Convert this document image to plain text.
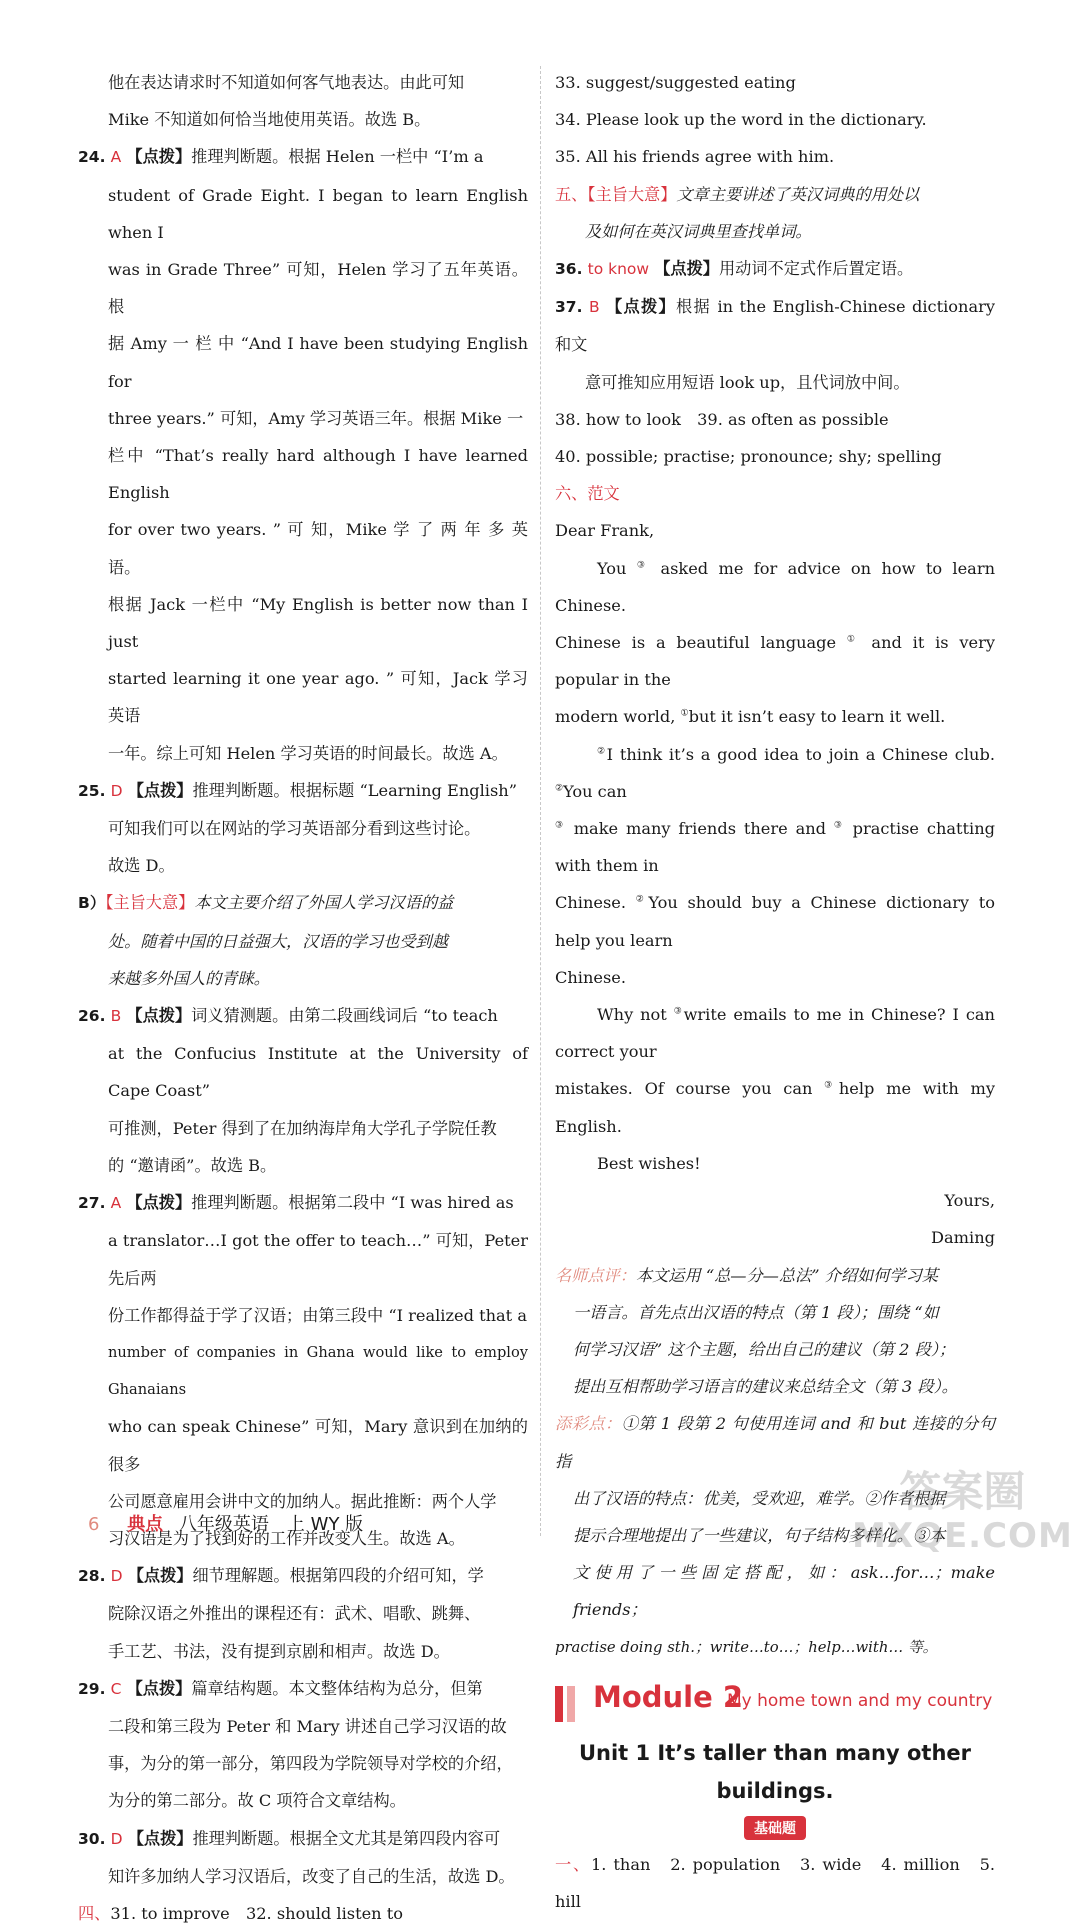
他在表达请求时不知道如何客气地表达。由此可知

Mike 不知道如何恰当地使用英语。故选 B。

24. A 【点拨】推理判断题。根据 Helen 一栏中 “I’m a

student of Grade Eight. I began to learn English when I

was in Grade Three” 可知，Helen 学习了五年英语。根

据 Amy 一 栏 中 “And I have been studying English for

three years.” 可知，Amy 学习英语三年。根据 Mike 一

栏中 “That’s really hard although I have learned English

for over two years. ” 可 知，Mike 学 了 两 年 多 英 语。

根据 Jack 一栏中 “My English is better now than I just

started learning it one year ago. ” 可知，Jack 学习英语

一年。综上可知 Helen 学习英语的时间最长。故选 A。

25. D 【点拨】推理判断题。根据标题 “Learning English”

可知我们可以在网站的学习英语部分看到这些讨论。

故选 D。

B）【主旨大意】本文主要介绍了外国人学习汉语的益

处。随着中国的日益强大，汉语的学习也受到越

来越多外国人的青睐。

26. B 【点拨】词义猜测题。由第二段画线词后 “to teach

at the Confucius Institute at the University of Cape Coast”

可推测，Peter 得到了在加纳海岸角大学孔子学院任教

的 “邀请函”。故选 B。

27. A 【点拨】推理判断题。根据第二段中 “I was hired as

a translator…I got the offer to teach…” 可知，Peter 先后两

份工作都得益于学了汉语；由第三段中 “I realized that a

number of companies in Ghana would like to employ Ghanaians

who can speak Chinese” 可知，Mary 意识到在加纳的很多

公司愿意雇用会讲中文的加纳人。据此推断：两个人学

习汉语是为了找到好的工作并改变人生。故选 A。

28. D 【点拨】细节理解题。根据第四段的介绍可知，学

院除汉语之外推出的课程还有：武术、唱歌、跳舞、

手工艺、书法，没有提到京剧和相声。故选 D。

29. C 【点拨】篇章结构题。本文整体结构为总分，但第

二段和第三段为 Peter 和 Mary 讲述自己学习汉语的故

事，为分的第一部分，第四段为学院领导对学校的介绍，

为分的第二部分。故 C 项符合文章结构。

30. D 【点拨】推理判断题。根据全文尤其是第四段内容可

知许多加纳人学习汉语后，改变了自己的生活，故选 D。

四、31. to improve　32. should listen to

33. suggest/suggested eating

34. Please look up the word in the dictionary.

35. All his friends agree with him.

五、【主旨大意】文章主要讲述了英汉词典的用处以

及如何在英汉词典里查找单词。

36. to know 【点拨】用动词不定式作后置定语。

37. B 【点拨】根据 in the English-Chinese dictionary 和文

意可推知应用短语 look up，且代词放中间。

38. how to look　39. as often as possible

40. possible; practise; pronounce; shy; spelling

六、范文

Dear Frank,

You ③ asked me for advice on how to learn Chinese.

Chinese is a beautiful language ① and it is very popular in the

modern world, ①but it isn’t easy to learn it well.

②I think it’s a good idea to join a Chinese club. ②You can

③ make many friends there and ③ practise chatting with them in

Chinese. ②You should buy a Chinese dictionary to help you learn

Chinese.

Why not ③write emails to me in Chinese? I can correct your

mistakes. Of course you can ③help me with my English.

Best wishes!

Yours,

Daming

名师点评：本文运用 “总—分—总法” 介绍如何学习某

一语言。首先点出汉语的特点（第 1 段）；围绕 “如

何学习汉语” 这个主题，给出自己的建议（第 2 段）；

提出互相帮助学习语言的建议来总结全文（第 3 段）。

添彩点：①第 1 段第 2 句使用连词 and 和 but 连接的分句指

出了汉语的特点：优美，受欢迎，难学。②作者根据

提示合理地提出了一些建议，句子结构多样化。③本

文使用了一些固定搭配，如：ask…for…；make friends；

practise doing sth.；write…to…；help…with… 等。

Module 2
My home town and my country

Unit 1 It’s taller than many other

buildings.

基础题

一、1. than　2. population　3. wide　4. million　5. hill

6 典点 八年级英语　上 WY 版
答案圈
MXQE.COM
